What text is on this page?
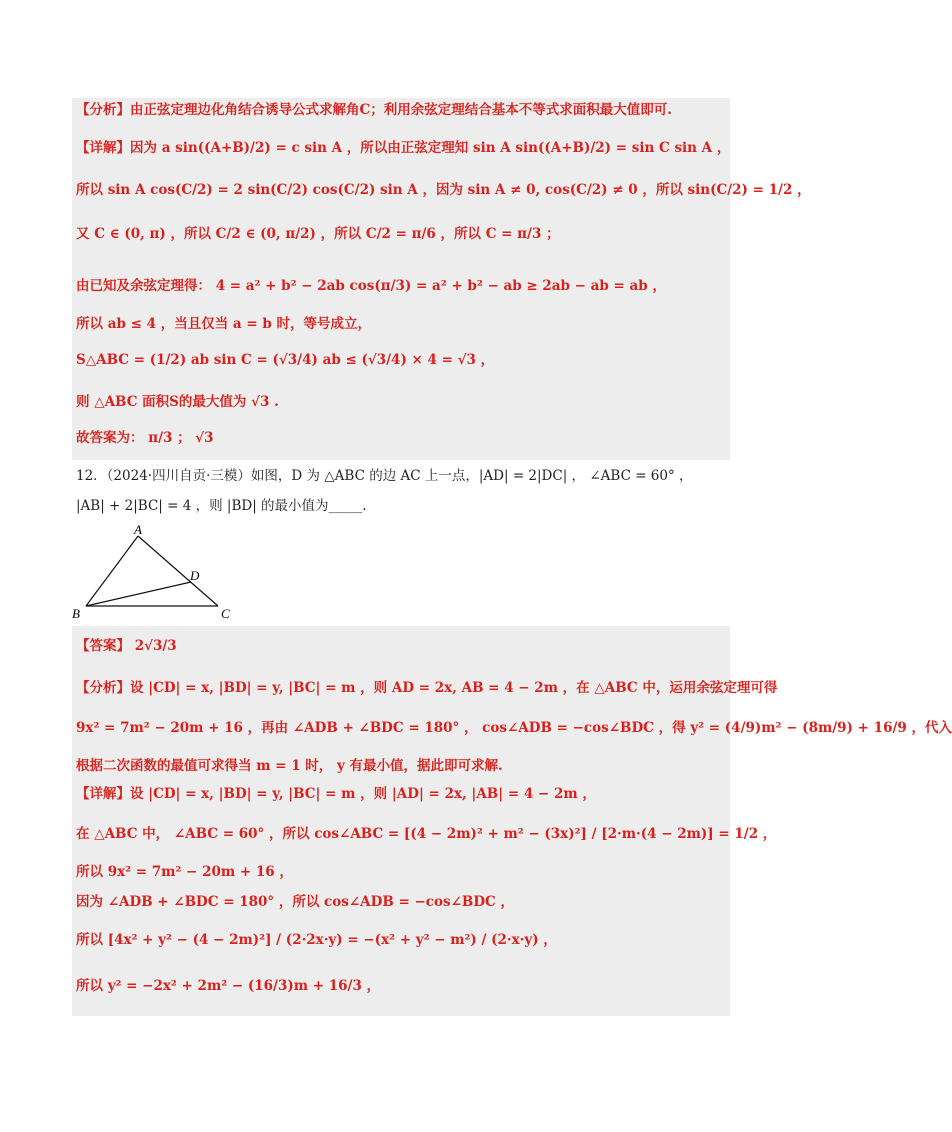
【分析】由正弦定理边化角结合诱导公式求解角C；利用余弦定理结合基本不等式求面积最大值即可.
【详解】因为 a sin((A+B)/2) = c sin A ，所以由正弦定理知 sin A sin((A+B)/2) = sin C sin A ，
所以 sin A cos(C/2) = 2 sin(C/2) cos(C/2) sin A ，因为 sin A ≠ 0, cos(C/2) ≠ 0 ，所以 sin(C/2) = 1/2 ，
又 C ∈ (0, π) ，所以 C/2 ∈ (0, π/2) ，所以 C/2 = π/6 ，所以 C = π/3 ；
由已知及余弦定理得： 4 = a² + b² − 2ab cos(π/3) = a² + b² − ab ≥ 2ab − ab = ab ，
所以 ab ≤ 4 ，当且仅当 a = b 时，等号成立，
S△ABC = (1/2) ab sin C = (√3/4) ab ≤ (√3/4) × 4 = √3 ，
则 △ABC 面积S的最大值为 √3 .
故答案为： π/3 ； √3
12．（2024·四川自贡·三模）如图，D 为 △ABC 的边 AC 上一点，|AD| = 2|DC| ， ∠ABC = 60° ，
|AB| + 2|BC| = 4 ，则 |BD| 的最小值为_____.
A
B	C
D
【答案】 2√3/3
【分析】设 |CD| = x, |BD| = y, |BC| = m ，则 AD = 2x, AB = 4 − 2m ，在 △ABC 中，运用余弦定理可得
9x² = 7m² − 20m + 16 ，再由 ∠ADB + ∠BDC = 180° ， cos∠ADB = −cos∠BDC ，得 y² = (4/9)m² − (8m/9) + 16/9 ，代入
根据二次函数的最值可求得当 m = 1 时， y 有最小值，据此即可求解.
【详解】设 |CD| = x, |BD| = y, |BC| = m ，则 |AD| = 2x, |AB| = 4 − 2m ，
在 △ABC 中， ∠ABC = 60° ，所以 cos∠ABC = [(4 − 2m)² + m² − (3x)²] / [2·m·(4 − 2m)] = 1/2 ，
所以 9x² = 7m² − 20m + 16 ，
因为 ∠ADB + ∠BDC = 180° ，所以 cos∠ADB = −cos∠BDC ，
所以 [4x² + y² − (4 − 2m)²] / (2·2x·y) = −(x² + y² − m²) / (2·x·y) ，
所以 y² = −2x² + 2m² − (16/3)m + 16/3 ，
